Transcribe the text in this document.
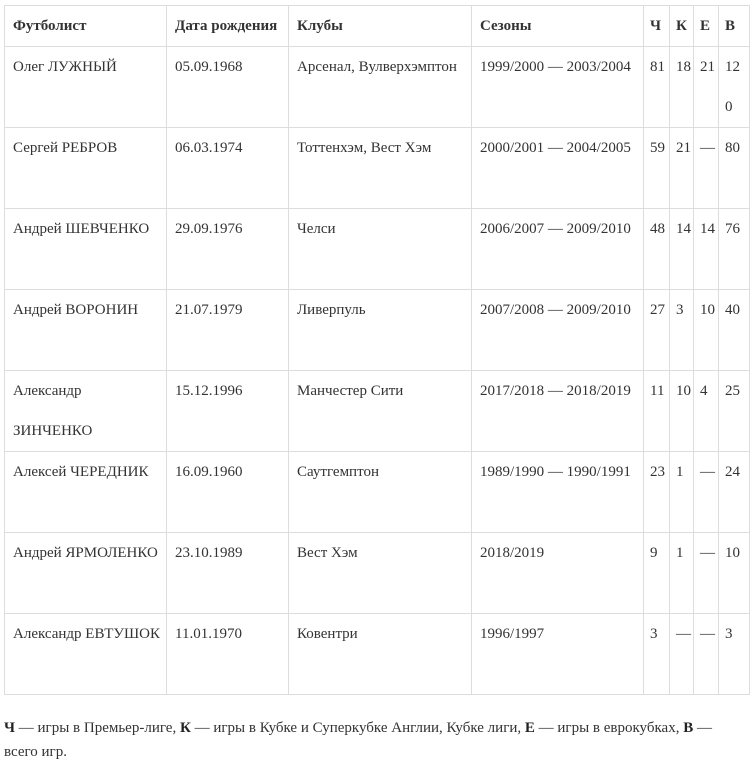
Футболист	Дата рождения	Клубы	Сезоны	Ч	К	Е	В
Олег ЛУЖНЫЙ	05.09.1968	Арсенал, Вулверхэмптон	1999/2000 — 2003/2004	81	18	21	120
Сергей РЕБРОВ	06.03.1974	Тоттенхэм, Вест Хэм	2000/2001 — 2004/2005	59	21	—	80
Андрей ШЕВЧЕНКО	29.09.1976	Челси	2006/2007 — 2009/2010	48	14	14	76
Андрей ВОРОНИН	21.07.1979	Ливерпуль	2007/2008 — 2009/2010	27	3	10	40
Александр ЗИНЧЕНКО	15.12.1996	Манчестер Сити	2017/2018 — 2018/2019	11	10	4	25
Алексей ЧЕРЕДНИК	16.09.1960	Саутгемптон	1989/1990 — 1990/1991	23	1	—	24
Андрей ЯРМОЛЕНКО	23.10.1989	Вест Хэм	2018/2019	9	1	—	10
Александр ЕВТУШОК	11.01.1970	Ковентри	1996/1997	3	—	—	3

Ч — игры в Премьер-лиге, К — игры в Кубке и Суперкубке Англии, Кубке лиги, Е — игры в еврокубках, В — всего игр.
